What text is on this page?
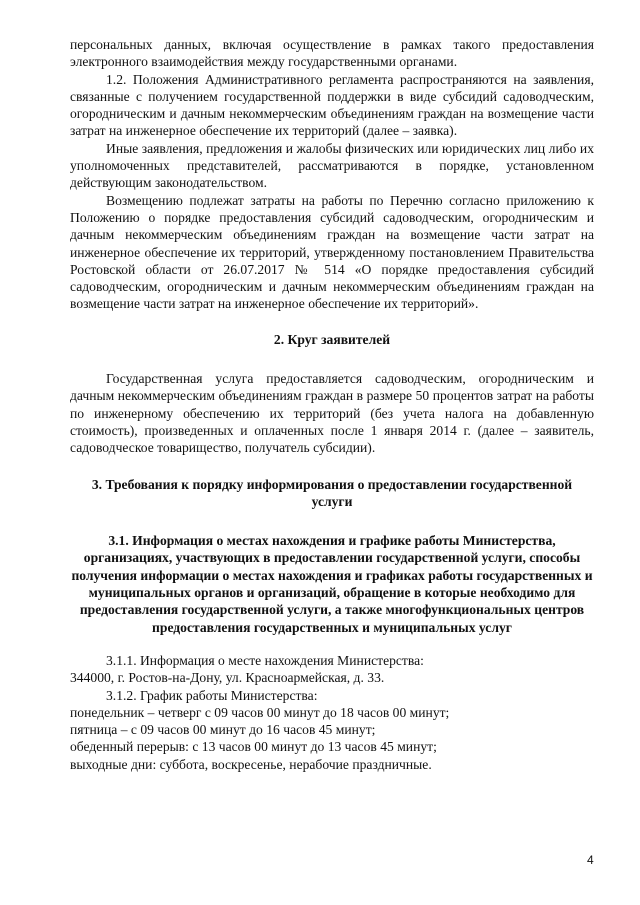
персональных данных, включая осуществление в рамках такого предоставления электронного взаимодействия между государственными органами.

1.2. Положения Административного регламента распространяются на заявления, связанные с получением государственной поддержки в виде субсидий садоводческим, огородническим и дачным некоммерческим объединениям граждан на возмещение части затрат на инженерное обеспечение их территорий (далее – заявка).

Иные заявления, предложения и жалобы физических или юридических лиц либо их уполномоченных представителей, рассматриваются в порядке, установленном действующим законодательством.

Возмещению подлежат затраты на работы по Перечню согласно приложению к Положению о порядке предоставления субсидий садоводческим, огородническим и дачным некоммерческим объединениям граждан на возмещение части затрат на инженерное обеспечение их территорий, утвержденному постановлением Правительства Ростовской области от 26.07.2017 № 514 «О порядке предоставления субсидий садоводческим, огородническим и дачным некоммерческим объединениям граждан на возмещение части затрат на инженерное обеспечение их территорий».

2. Круг заявителей

Государственная услуга предоставляется садоводческим, огородническим и дачным некоммерческим объединениям граждан в размере 50 процентов затрат на работы по инженерному обеспечению их территорий (без учета налога на добавленную стоимость), произведенных и оплаченных после 1 января 2014 г. (далее – заявитель, садоводческое товарищество, получатель субсидии).

3. Требования к порядку информирования о предоставлении государственной услуги

3.1. Информация о местах нахождения и графике работы Министерства, организациях, участвующих в предоставлении государственной услуги, способы получения информации о местах нахождения и графиках работы государственных и муниципальных органов и организаций, обращение в которые необходимо для предоставления государственной услуги, а также многофункциональных центров предоставления государственных и муниципальных услуг

3.1.1. Информация о месте нахождения Министерства:

344000, г. Ростов-на-Дону, ул. Красноармейская, д. 33.

3.1.2. График работы Министерства:

понедельник – четверг с 09 часов 00 минут до 18 часов 00 минут;

пятница – с 09 часов 00 минут до 16 часов 45 минут;

обеденный перерыв: с 13 часов 00 минут до 13 часов 45 минут;

выходные дни: суббота, воскресенье, нерабочие праздничные.

4
